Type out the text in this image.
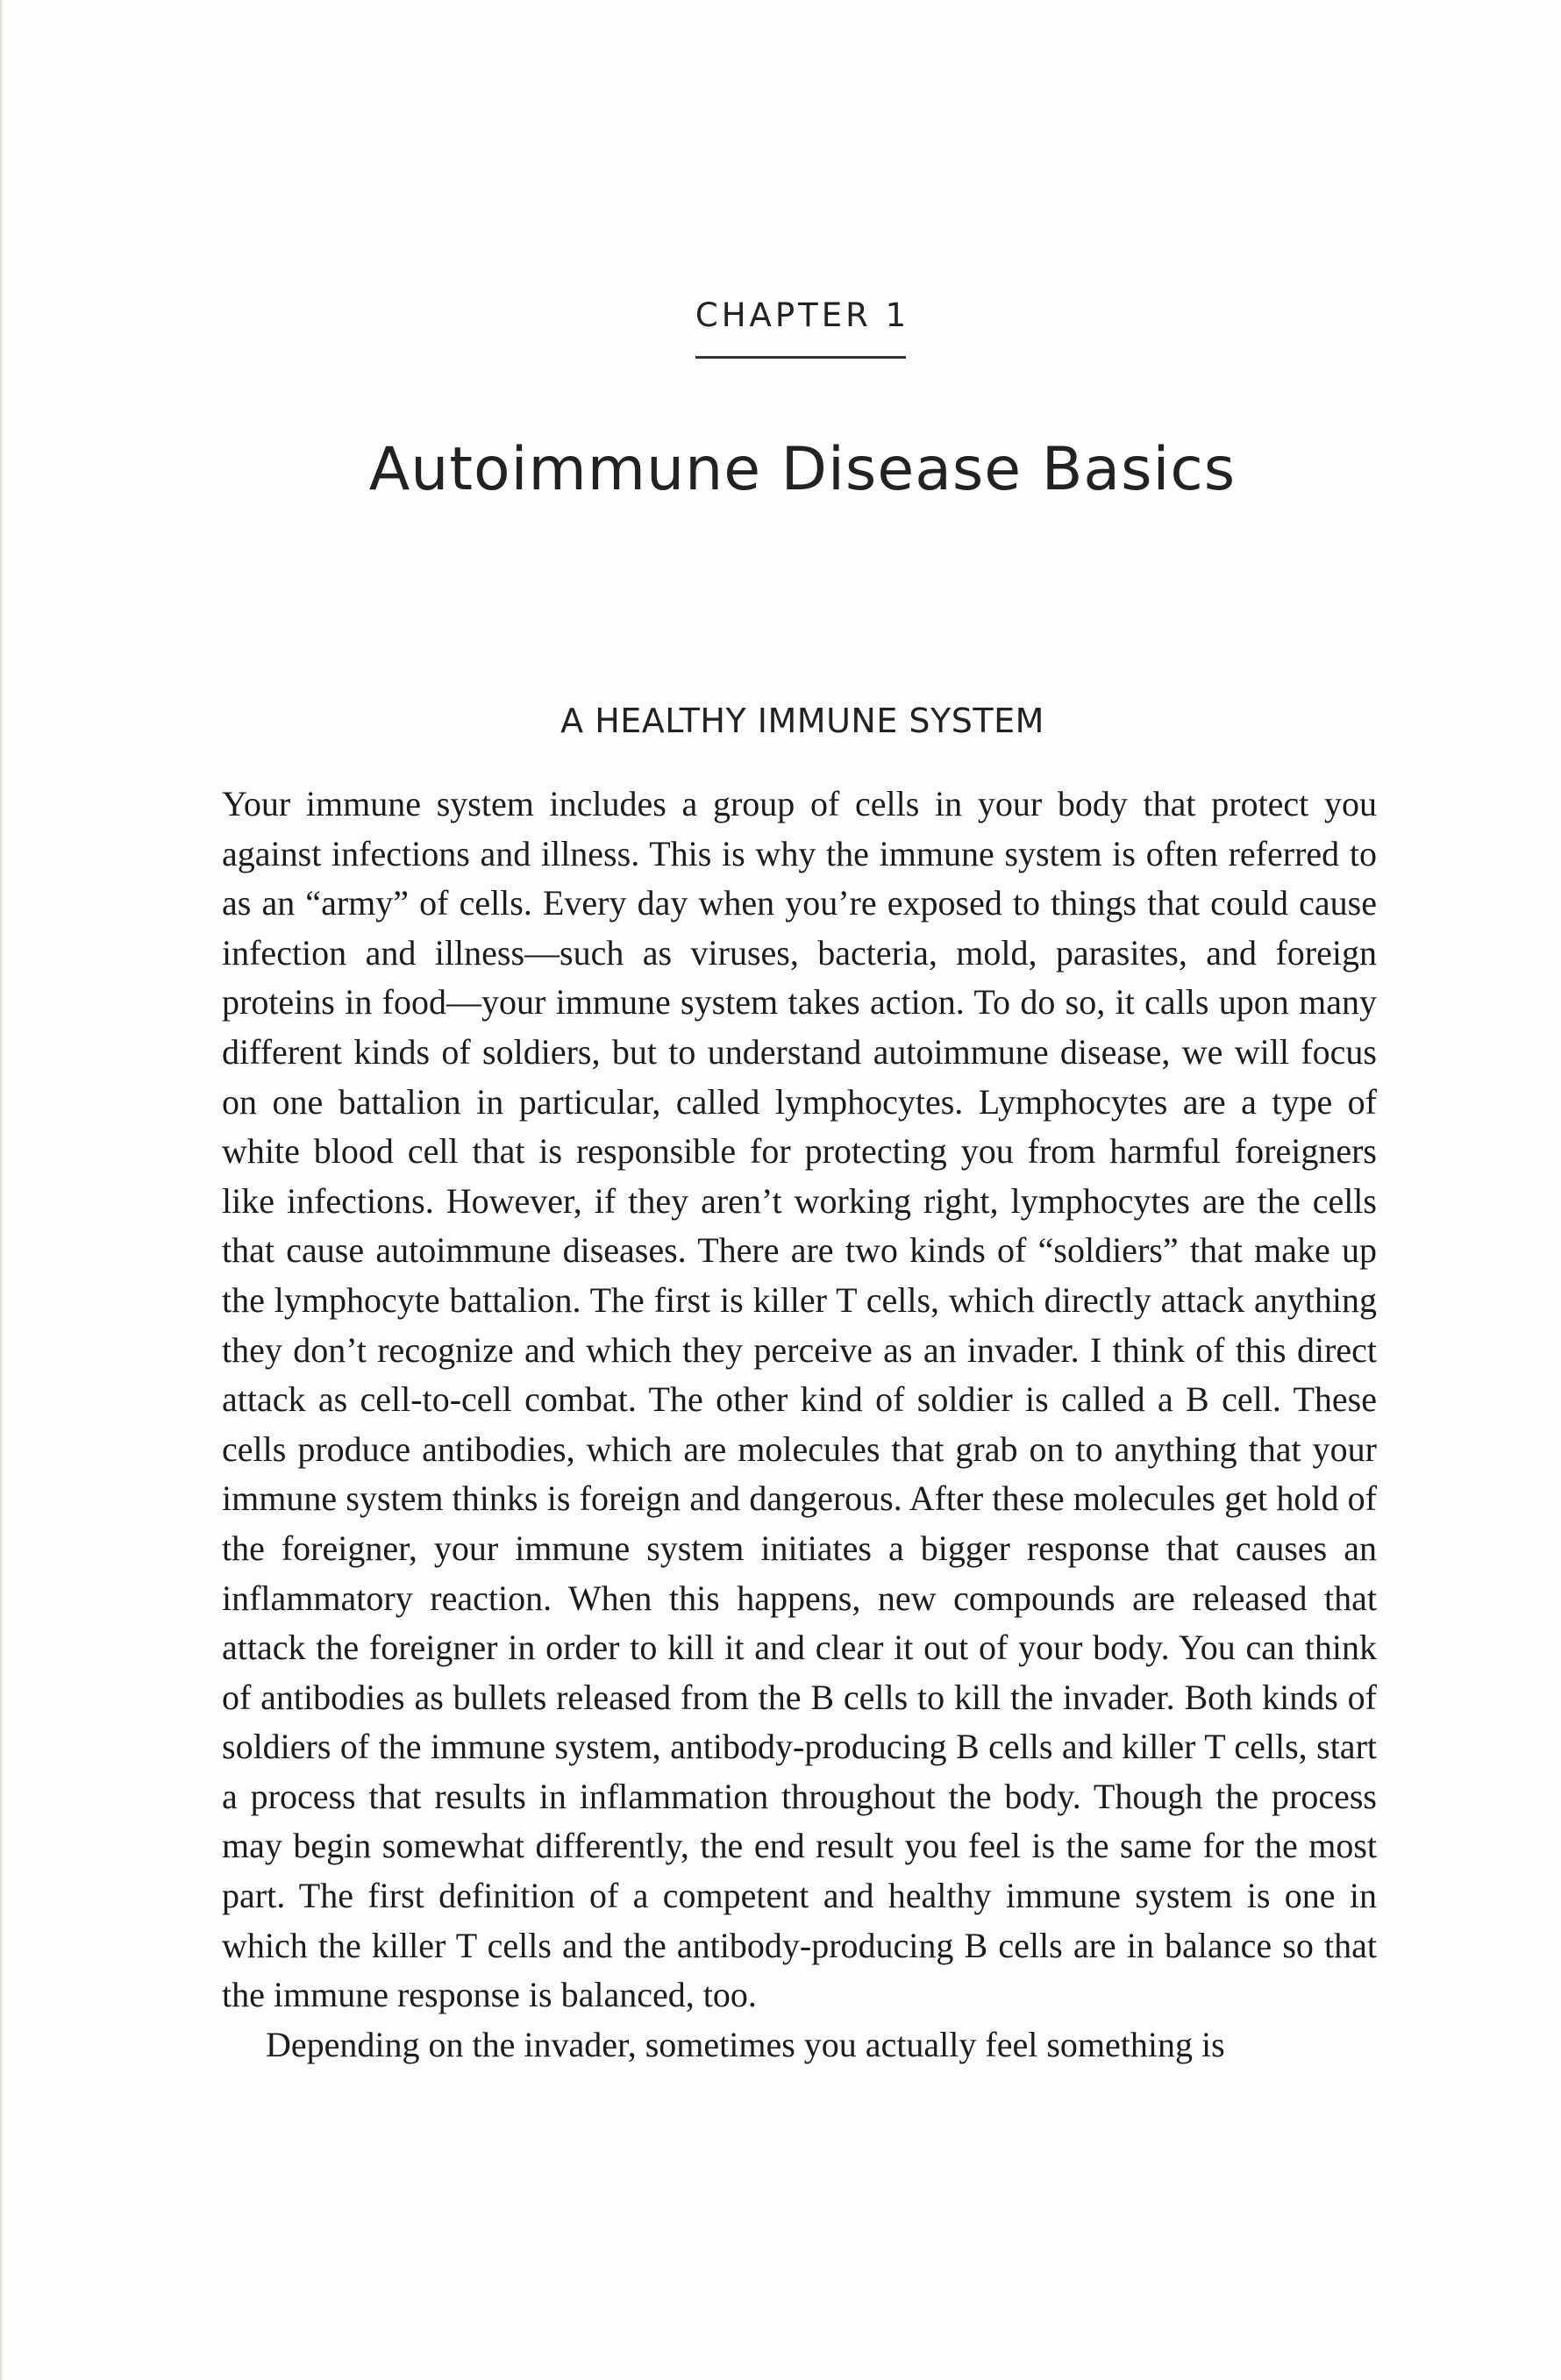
CHAPTER 1
Autoimmune Disease Basics
A HEALTHY IMMUNE SYSTEM

Your immune system includes a group of cells in your body that protect you against infections and illness. This is why the immune system is often referred to as an “army” of cells. Every day when you’re exposed to things that could cause infection and illness—such as viruses, bacteria, mold, parasites, and foreign proteins in food—your immune system takes action. To do so, it calls upon many different kinds of soldiers, but to understand autoimmune disease, we will focus on one battalion in particular, called lymphocytes. Lymphocytes are a type of white blood cell that is responsible for protecting you from harmful foreigners like infections. However, if they aren’t working right, lymphocytes are the cells that cause autoimmune diseases. There are two kinds of “soldiers” that make up the lymphocyte battalion. The first is killer T cells, which directly attack anything they don’t recognize and which they perceive as an invader. I think of this direct attack as cell-to-cell combat. The other kind of soldier is called a B cell. These cells produce antibodies, which are molecules that grab on to anything that your immune system thinks is foreign and dangerous. After these molecules get hold of the foreigner, your immune system initiates a bigger response that causes an inflammatory reaction. When this happens, new compounds are released that attack the foreigner in order to kill it and clear it out of your body. You can think of antibodies as bullets released from the B cells to kill the invader. Both kinds of soldiers of the immune system, antibody-producing B cells and killer T cells, start a process that results in inflammation throughout the body. Though the process may begin somewhat differently, the end result you feel is the same for the most part. The first definition of a competent and healthy immune system is one in which the killer T cells and the antibody-producing B cells are in balance so that the immune response is balanced, too.

Depending on the invader, sometimes you actually feel something is
